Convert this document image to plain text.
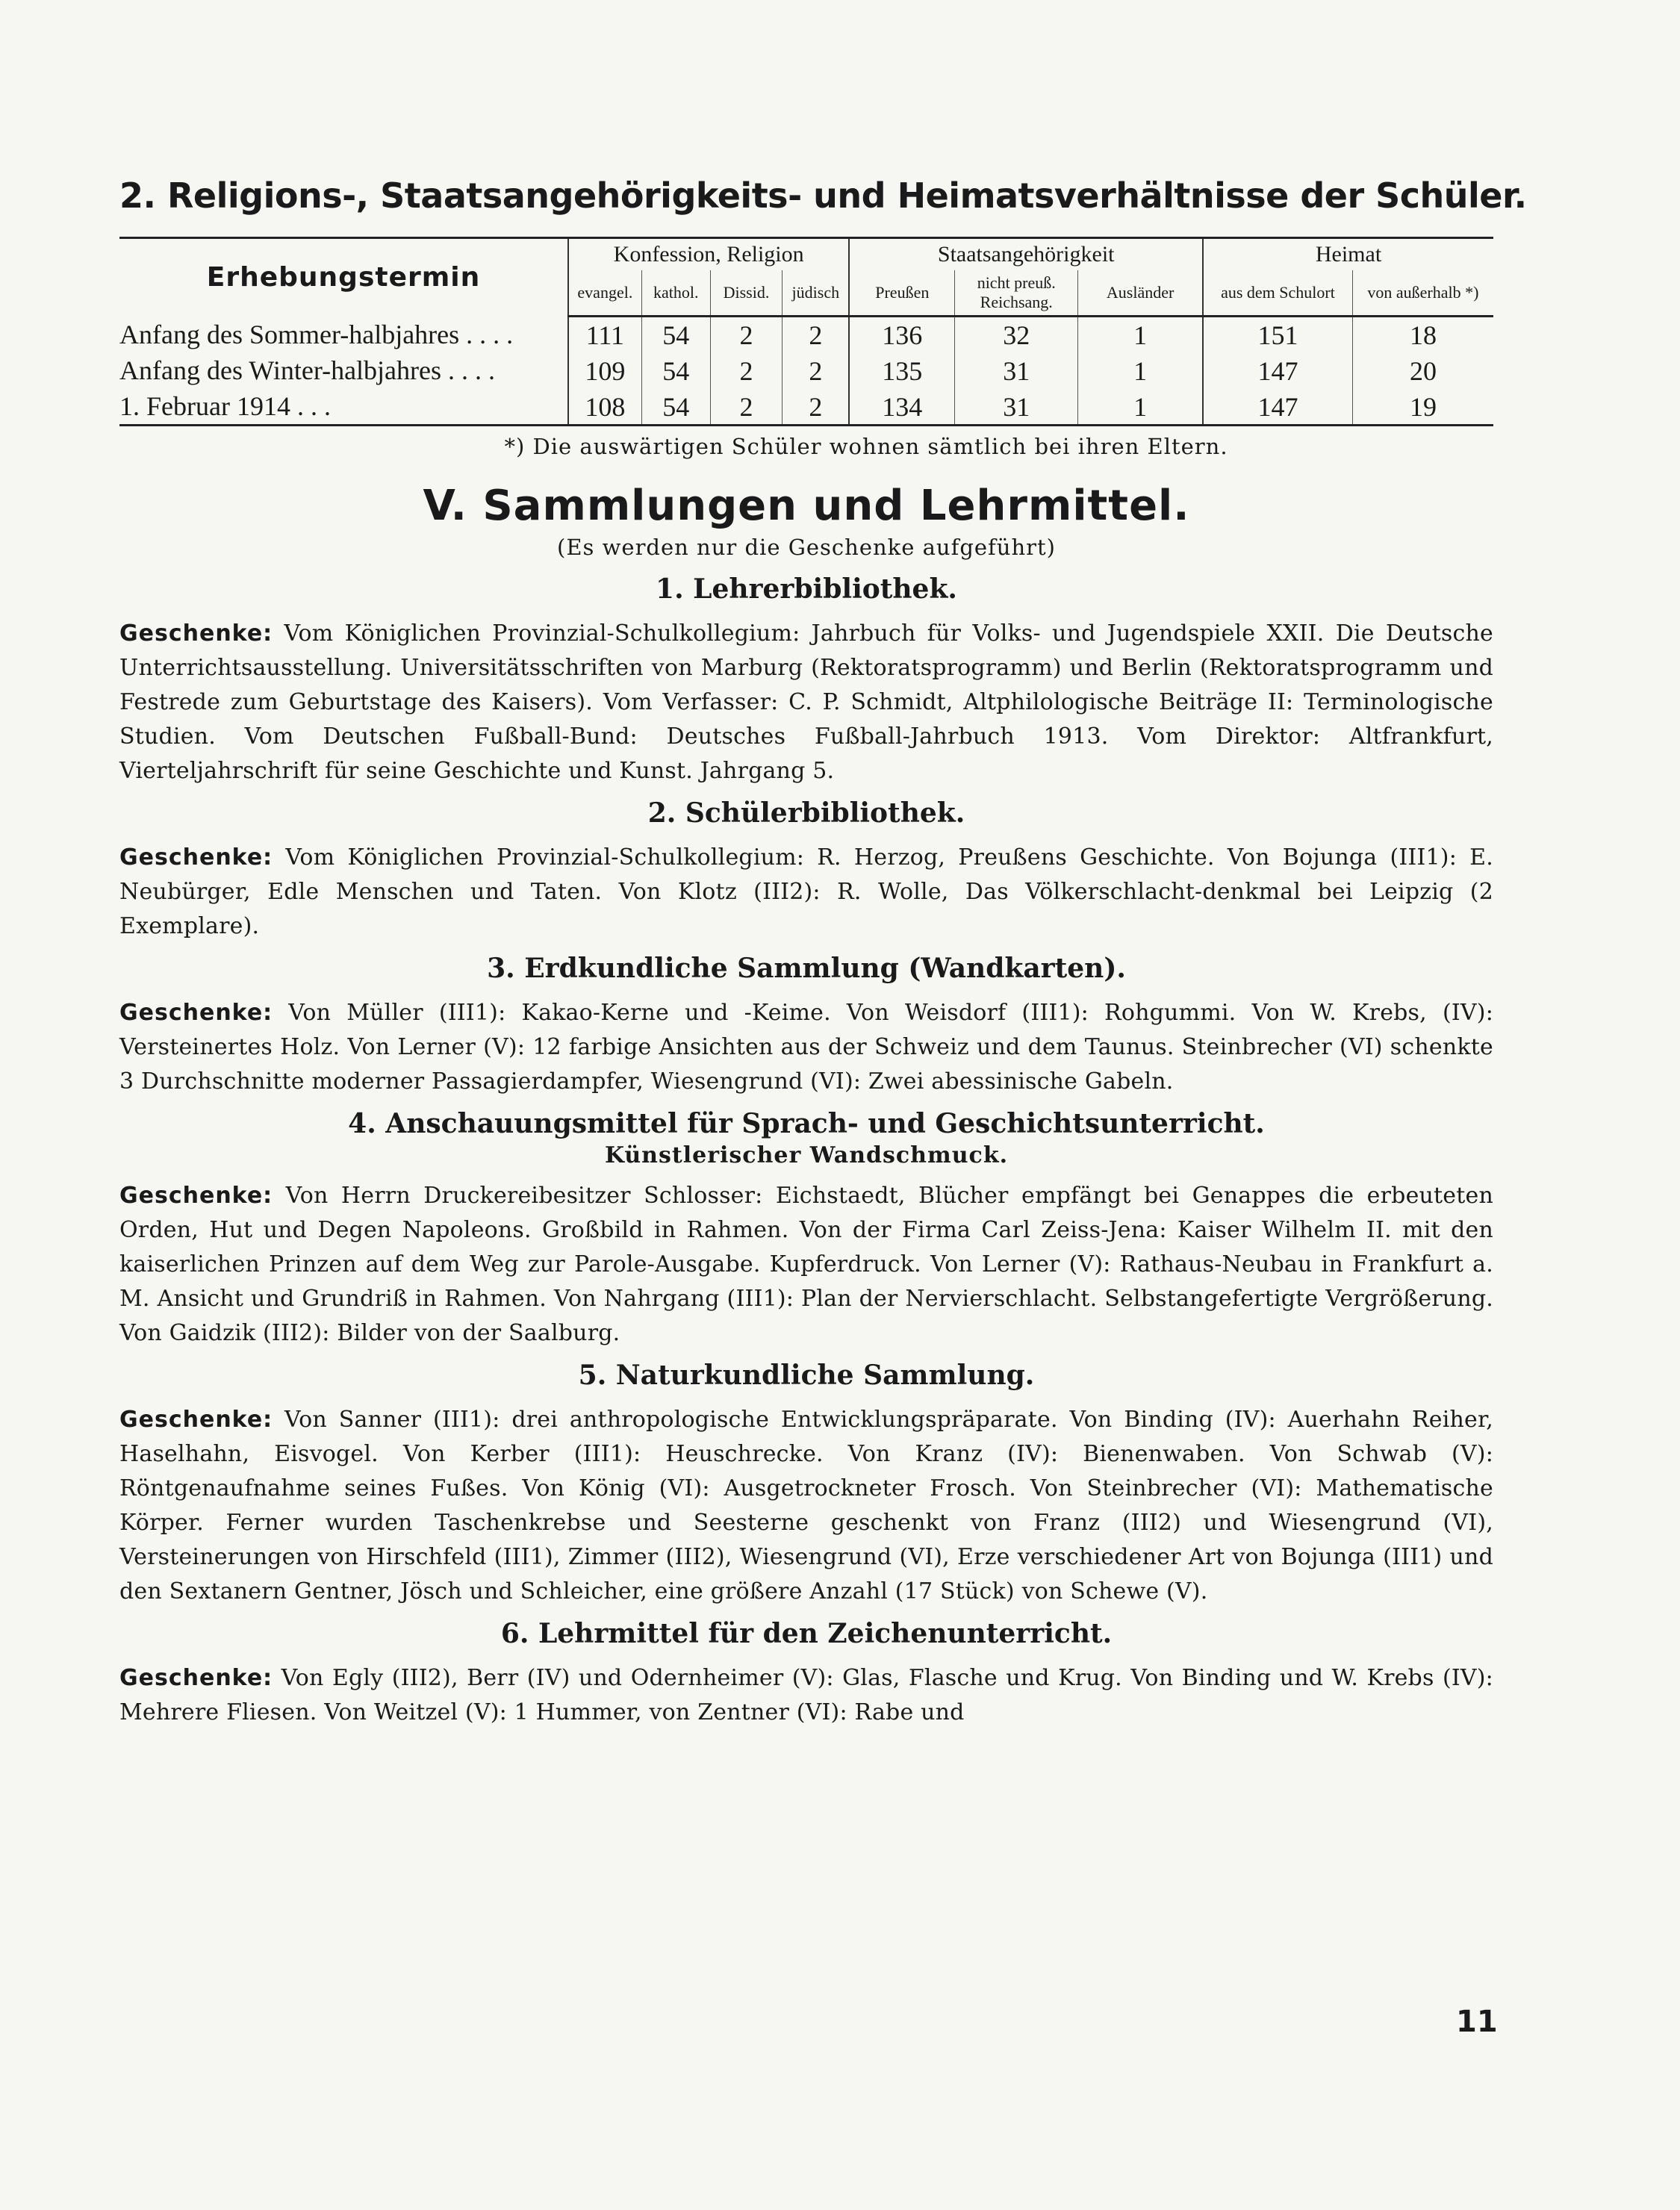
2. Religions-, Staatsangehörigkeits- und Heimatsverhältnisse der Schüler.
Erhebungstermin	Konfession, Religion				Staatsangehörigkeit			Heimat	
	evangel.	kathol.	Dissid.	jüdisch	Preußen	nicht preuß. Reichsang.	Ausländer	aus dem Schulort	von außerhalb *)
Anfang des Sommer-halbjahres . . . .	111	54	2	2	136	32	1	151	18
Anfang des Winter-halbjahres . . . .	109	54	2	2	135	31	1	147	20
1. Februar 1914 . . .	108	54	2	2	134	31	1	147	19
*) Die auswärtigen Schüler wohnen sämtlich bei ihren Eltern.
V. Sammlungen und Lehrmittel.
(Es werden nur die Geschenke aufgeführt)
1. Lehrerbibliothek.

Geschenke: Vom Königlichen Provinzial-Schulkollegium: Jahrbuch für Volks- und Jugendspiele XXII. Die Deutsche Unterrichtsausstellung. Universitätsschriften von Marburg (Rektoratsprogramm) und Berlin (Rektoratsprogramm und Festrede zum Geburtstage des Kaisers). Vom Verfasser: C. P. Schmidt, Altphilologische Beiträge II: Terminologische Studien. Vom Deutschen Fußball-Bund: Deutsches Fußball-Jahrbuch 1913. Vom Direktor: Altfrankfurt, Vierteljahrschrift für seine Geschichte und Kunst. Jahrgang 5.

2. Schülerbibliothek.

Geschenke: Vom Königlichen Provinzial-Schulkollegium: R. Herzog, Preußens Geschichte. Von Bojunga (III1): E. Neubürger, Edle Menschen und Taten. Von Klotz (III2): R. Wolle, Das Völkerschlacht-denkmal bei Leipzig (2 Exemplare).

3. Erdkundliche Sammlung (Wandkarten).

Geschenke: Von Müller (III1): Kakao-Kerne und -Keime. Von Weisdorf (III1): Rohgummi. Von W. Krebs, (IV): Versteinertes Holz. Von Lerner (V): 12 farbige Ansichten aus der Schweiz und dem Taunus. Steinbrecher (VI) schenkte 3 Durchschnitte moderner Passagierdampfer, Wiesengrund (VI): Zwei abessinische Gabeln.

4. Anschauungsmittel für Sprach- und Geschichtsunterricht.
Künstlerischer Wandschmuck.

Geschenke: Von Herrn Druckereibesitzer Schlosser: Eichstaedt, Blücher empfängt bei Genappes die erbeuteten Orden, Hut und Degen Napoleons. Großbild in Rahmen. Von der Firma Carl Zeiss-Jena: Kaiser Wilhelm II. mit den kaiserlichen Prinzen auf dem Weg zur Parole-Ausgabe. Kupferdruck. Von Lerner (V): Rathaus-Neubau in Frankfurt a. M. Ansicht und Grundriß in Rahmen. Von Nahrgang (III1): Plan der Nervierschlacht. Selbstangefertigte Vergrößerung. Von Gaidzik (III2): Bilder von der Saalburg.

5. Naturkundliche Sammlung.

Geschenke: Von Sanner (III1): drei anthropologische Entwicklungspräparate. Von Binding (IV): Auerhahn Reiher, Haselhahn, Eisvogel. Von Kerber (III1): Heuschrecke. Von Kranz (IV): Bienenwaben. Von Schwab (V): Röntgenaufnahme seines Fußes. Von König (VI): Ausgetrockneter Frosch. Von Steinbrecher (VI): Mathematische Körper. Ferner wurden Taschenkrebse und Seesterne geschenkt von Franz (III2) und Wiesengrund (VI), Versteinerungen von Hirschfeld (III1), Zimmer (III2), Wiesengrund (VI), Erze verschiedener Art von Bojunga (III1) und den Sextanern Gentner, Jösch und Schleicher, eine größere Anzahl (17 Stück) von Schewe (V).

6. Lehrmittel für den Zeichenunterricht.

Geschenke: Von Egly (III2), Berr (IV) und Odernheimer (V): Glas, Flasche und Krug. Von Binding und W. Krebs (IV): Mehrere Fliesen. Von Weitzel (V): 1 Hummer, von Zentner (VI): Rabe und

11
